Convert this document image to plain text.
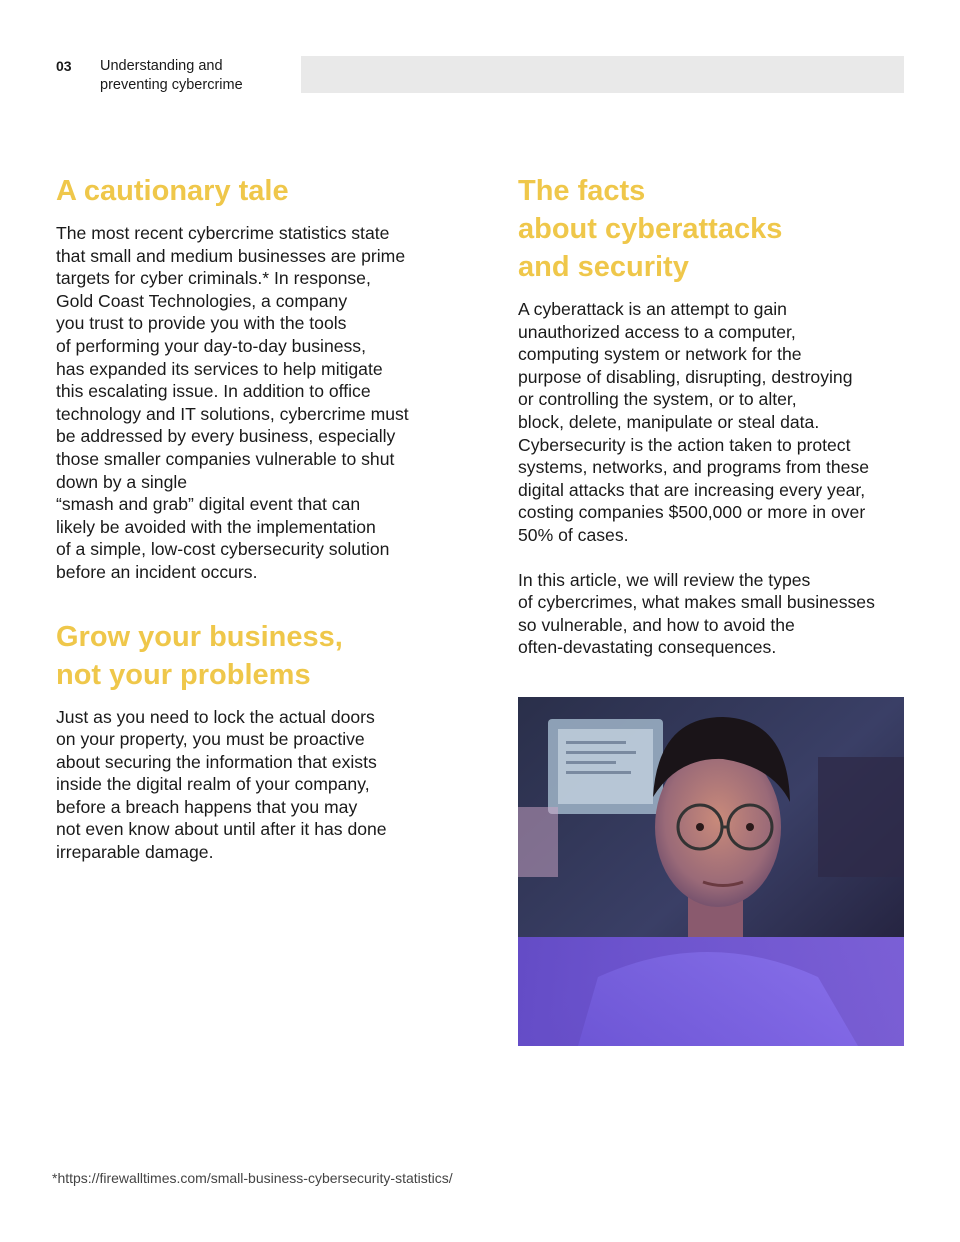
03 Understanding and
preventing cybercrime
A cautionary tale

The most recent cybercrime statistics state
that small and medium businesses are prime
targets for cyber criminals.* In response,
Gold Coast Technologies, a company
you trust to provide you with the tools
of performing your day-to-day business,
has expanded its services to help mitigate
this escalating issue. In addition to office
technology and IT solutions, cybercrime must
be addressed by every business, especially
those smaller companies vulnerable to shut
down by a single
“smash and grab” digital event that can
likely be avoided with the implementation
of a simple, low-cost cybersecurity solution
before an incident occurs.

Grow your business,
not your problems

Just as you need to lock the actual doors
on your property, you must be proactive
about securing the information that exists
inside the digital realm of your company,
before a breach happens that you may
not even know about until after it has done
irreparable damage.

The facts
about cyberattacks
and security

A cyberattack is an attempt to gain
unauthorized access to a computer,
computing system or network for the
purpose of disabling, disrupting, destroying
or controlling the system, or to alter,
block, delete, manipulate or steal data.
Cybersecurity is the action taken to protect
systems, networks, and programs from these
digital attacks that are increasing every year,
costing companies $500,000 or more in over
50% of cases.

In this article, we will review the types
of cybercrimes, what makes small businesses
so vulnerable, and how to avoid the
often-devastating consequences.

*https://firewalltimes.com/small-business-cybersecurity-statistics/
